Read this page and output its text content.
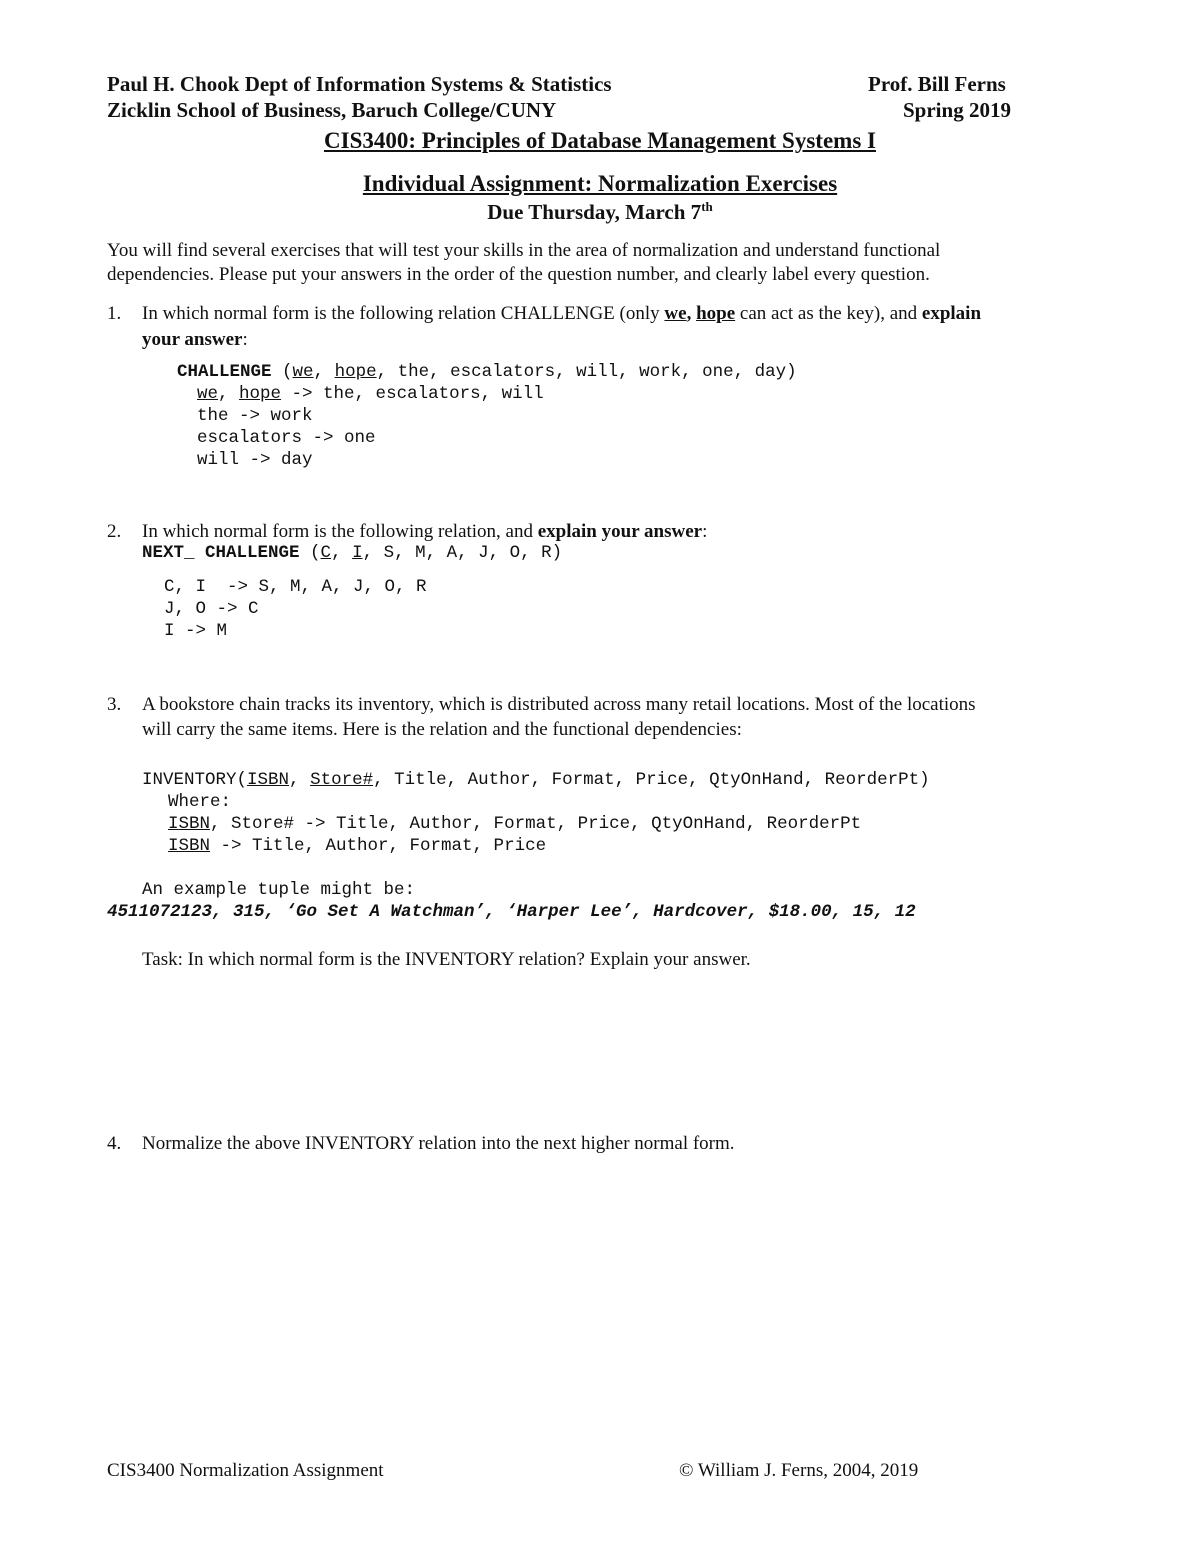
Paul H. Chook Dept of Information Systems & Statistics
Zicklin School of Business, Baruch College/CUNY
Prof. Bill Ferns
Spring 2019
CIS3400: Principles of Database Management Systems I
Individual Assignment: Normalization Exercises
Due Thursday, March 7th
You will find several exercises that will test your skills in the area of normalization and understand functional
dependencies. Please put your answers in the order of the question number, and clearly label every question.
1.	In which normal form is the following relation CHALLENGE (only we, hope can act as the key), and explain
your answer:
CHALLENGE (we, hope, the, escalators, will, work, one, day)
we, hope -> the, escalators, will
the -> work
escalators -> one
will -> day
2.	In which normal form is the following relation, and explain your answer:
NEXT_ CHALLENGE (C, I, S, M, A, J, O, R)
C, I  -> S, M, A, J, O, R
J, O -> C
I -> M
3.	A bookstore chain tracks its inventory, which is distributed across many retail locations. Most of the locations
will carry the same items. Here is the relation and the functional dependencies:
INVENTORY(ISBN, Store#, Title, Author, Format, Price, QtyOnHand, ReorderPt)
Where:
ISBN, Store# -> Title, Author, Format, Price, QtyOnHand, ReorderPt
ISBN -> Title, Author, Format, Price
An example tuple might be:
4511072123, 315, ‘Go Set A Watchman’, ‘Harper Lee’, Hardcover, $18.00, 15, 12
Task: In which normal form is the INVENTORY relation? Explain your answer.
4.	Normalize the above INVENTORY relation into the next higher normal form.
CIS3400 Normalization Assignment	© William J. Ferns, 2004, 2019
